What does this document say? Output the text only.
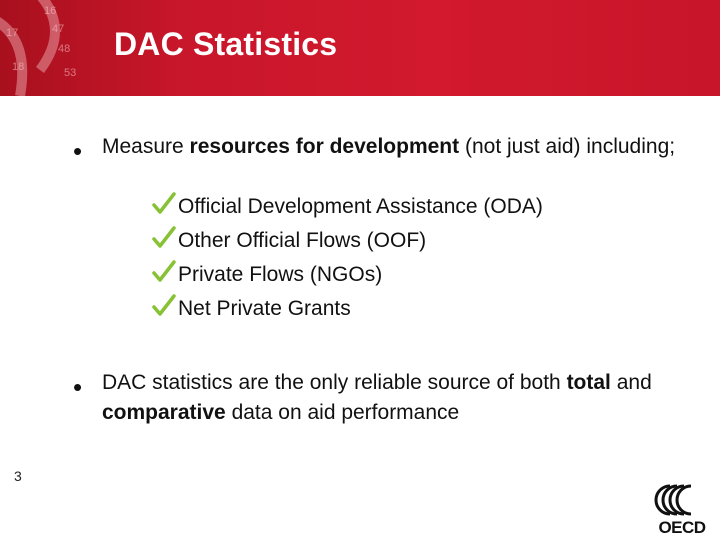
17
18
16
47
48
53
DAC Statistics
• Measure resources for development (not just aid) including;
Official Development Assistance (ODA)
Other Official Flows (OOF)
Private Flows (NGOs)
Net Private Grants
• DAC statistics are the only reliable source of both total and comparative data on aid performance
3
OECD
